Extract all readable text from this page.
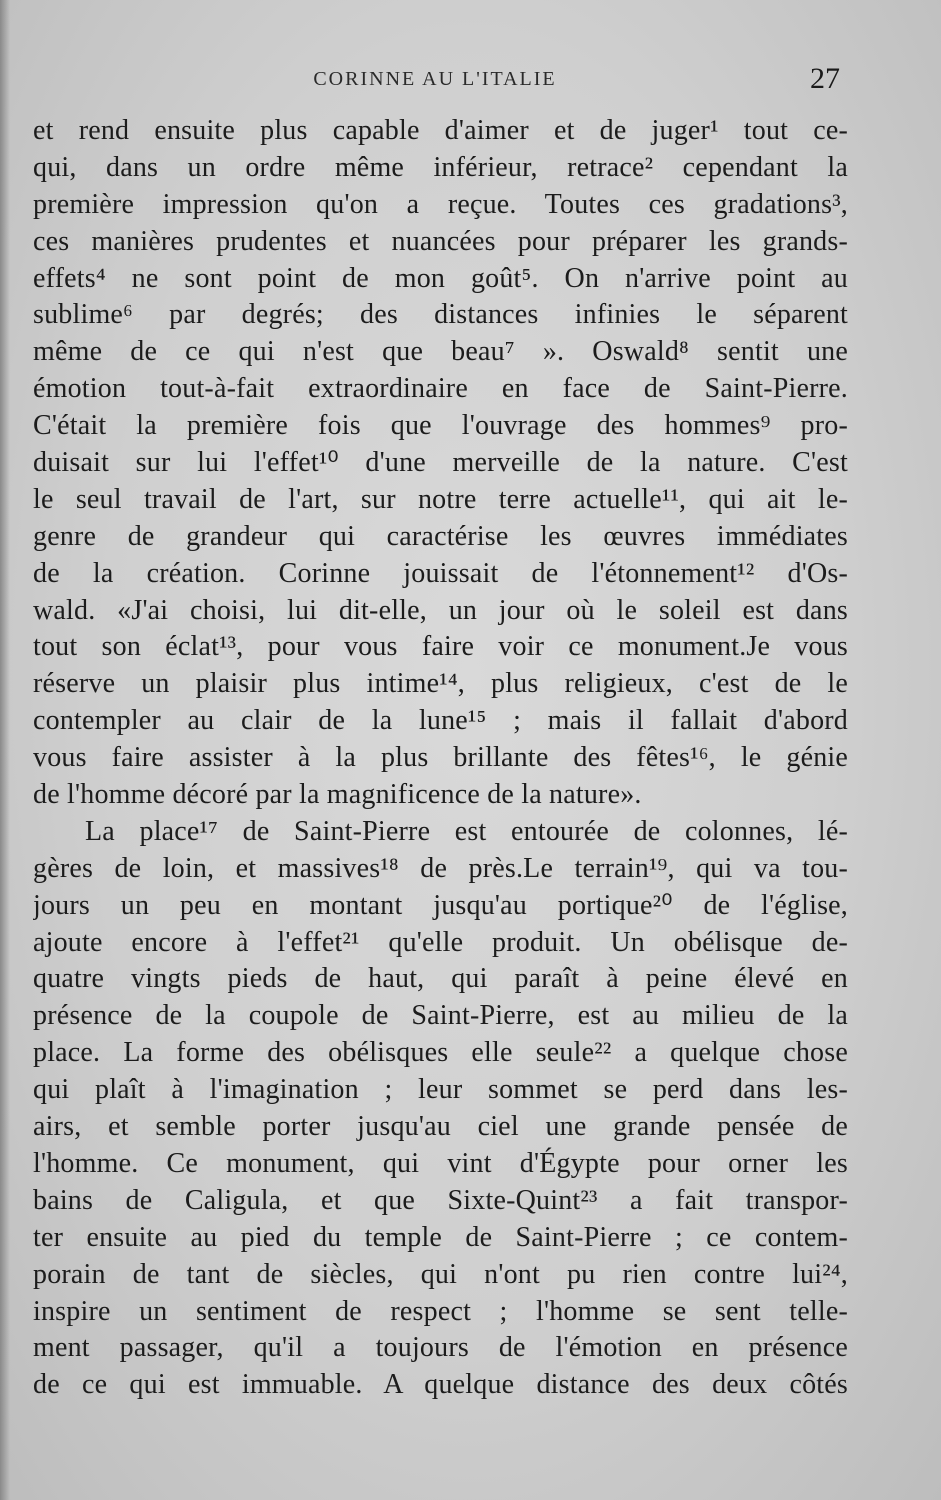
CORINNE AU L'ITALIE	27
et rend ensuite plus capable d'aimer et de juger¹ tout ce-
qui, dans un ordre même inférieur, retrace² cependant la
première impression qu'on a reçue. Toutes ces gradations³,
ces manières prudentes et nuancées pour préparer les grands-
effets⁴ ne sont point de mon goût⁵. On n'arrive point au
sublime⁶ par degrés; des distances infinies le séparent
même de ce qui n'est que beau⁷ ». Oswald⁸ sentit une
émotion tout-à-fait extraordinaire en face de Saint-Pierre.
C'était la première fois que l'ouvrage des hommes⁹ pro-
duisait sur lui l'effet¹⁰ d'une merveille de la nature. C'est
le seul travail de l'art, sur notre terre actuelle¹¹, qui ait le-
genre de grandeur qui caractérise les œuvres immédiates
de la création. Corinne jouissait de l'étonnement¹² d'Os-
wald. «J'ai choisi, lui dit-elle, un jour où le soleil est dans
tout son éclat¹³, pour vous faire voir ce monument.Je vous
réserve un plaisir plus intime¹⁴, plus religieux, c'est de le
contempler au clair de la lune¹⁵ ; mais il fallait d'abord
vous faire assister à la plus brillante des fêtes¹⁶, le génie
de l'homme décoré par la magnificence de la nature».
La place¹⁷ de Saint-Pierre est entourée de colonnes, lé-
gères de loin, et massives¹⁸ de près.Le terrain¹⁹, qui va tou-
jours un peu en montant jusqu'au portique²⁰ de l'église,
ajoute encore à l'effet²¹ qu'elle produit. Un obélisque de-
quatre vingts pieds de haut, qui paraît à peine élevé en
présence de la coupole de Saint-Pierre, est au milieu de la
place. La forme des obélisques elle seule²² a quelque chose
qui plaît à l'imagination ; leur sommet se perd dans les-
airs, et semble porter jusqu'au ciel une grande pensée de
l'homme. Ce monument, qui vint d'Égypte pour orner les
bains de Caligula, et que Sixte-Quint²³ a fait transpor-
ter ensuite au pied du temple de Saint-Pierre ; ce contem-
porain de tant de siècles, qui n'ont pu rien contre lui²⁴,
inspire un sentiment de respect ; l'homme se sent telle-
ment passager, qu'il a toujours de l'émotion en présence
de ce qui est immuable. A quelque distance des deux côtés
